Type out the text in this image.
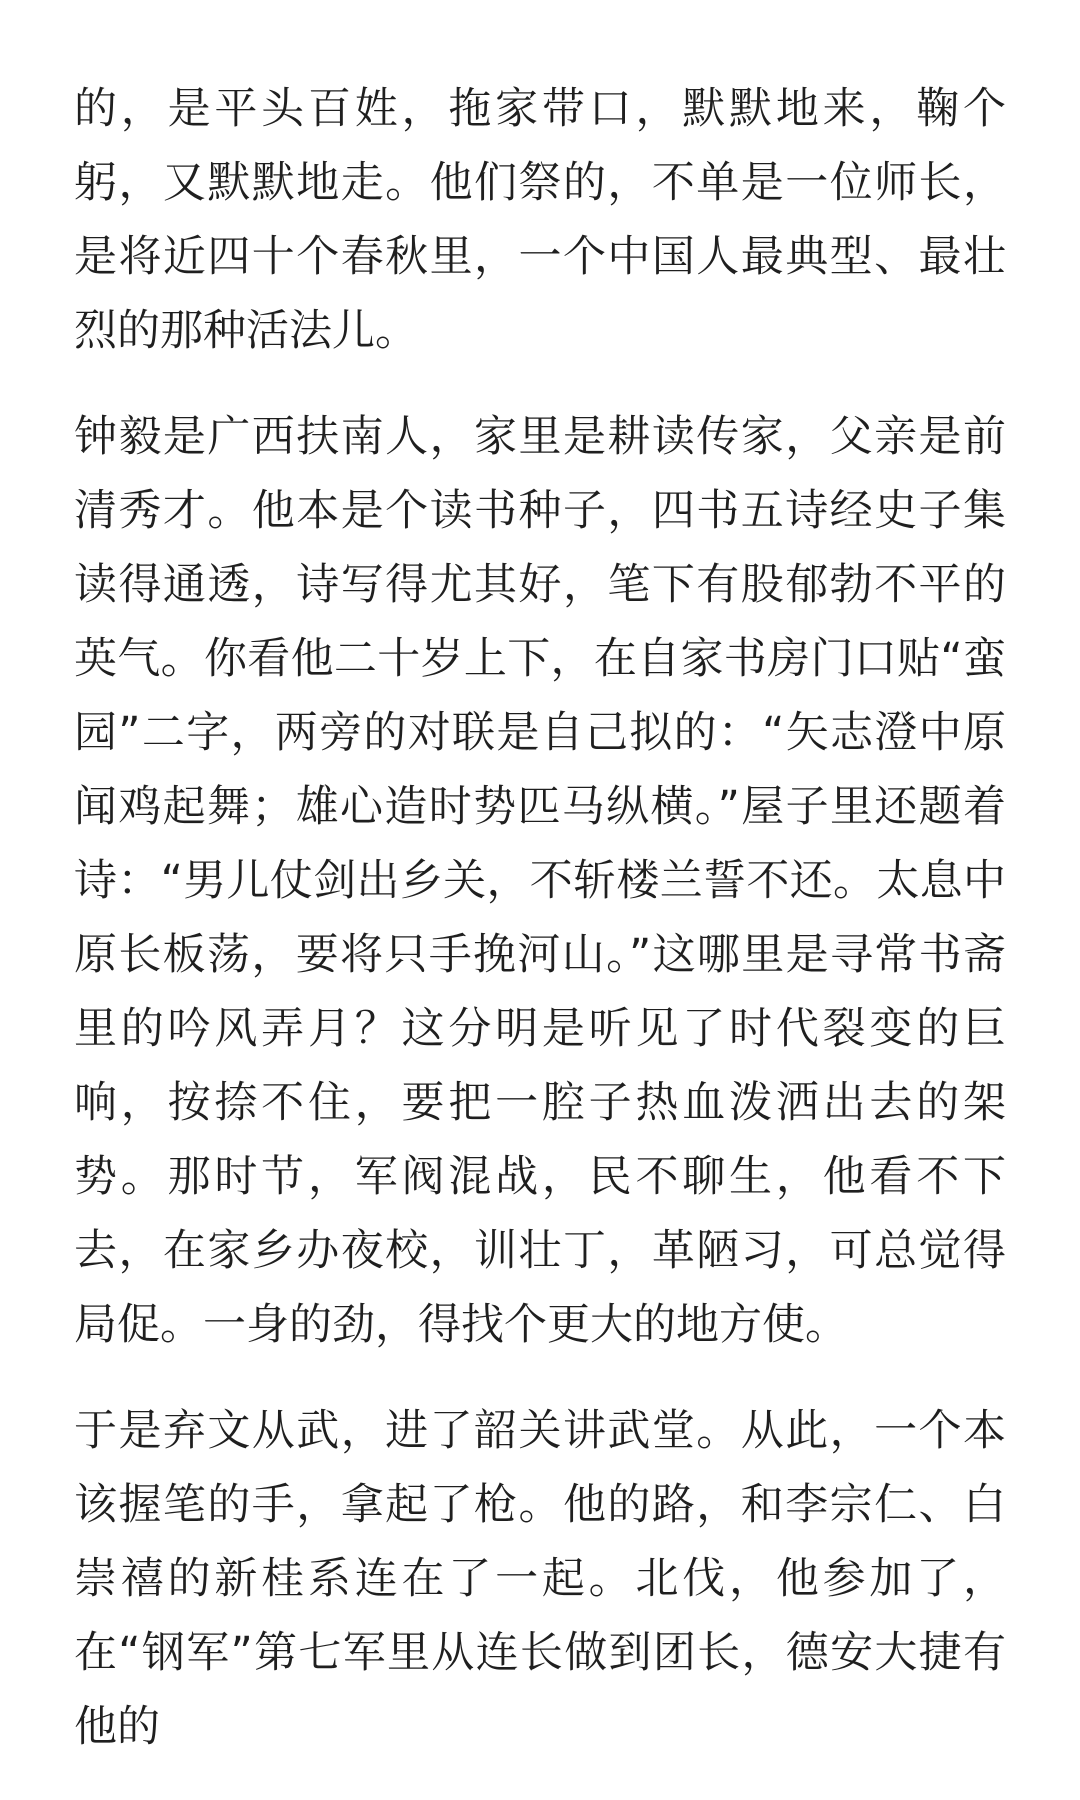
的，是平头百姓，拖家带口，默默地来，鞠个躬，又默默地走。他们祭的，不单是一位师长，是将近四十个春秋里，一个中国人最典型、最壮烈的那种活法儿。

钟毅是广西扶南人，家里是耕读传家，父亲是前清秀才。他本是个读书种子，四书五诗经史子集读得通透，诗写得尤其好，笔下有股郁勃不平的英气。你看他二十岁上下，在自家书房门口贴“蛮园”二字，两旁的对联是自己拟的：“矢志澄中原闻鸡起舞；雄心造时势匹马纵横。”屋子里还题着诗：“男儿仗剑出乡关，不斩楼兰誓不还。太息中原长板荡，要将只手挽河山。”这哪里是寻常书斋里的吟风弄月？这分明是听见了时代裂变的巨响，按捺不住，要把一腔子热血泼洒出去的架势。那时节，军阀混战，民不聊生，他看不下去，在家乡办夜校，训壮丁，革陋习，可总觉得局促。一身的劲，得找个更大的地方使。

于是弃文从武，进了韶关讲武堂。从此，一个本该握笔的手，拿起了枪。他的路，和李宗仁、白崇禧的新桂系连在了一起。北伐，他参加了，在“钢军”第七军里从连长做到团长，德安大捷有他的
